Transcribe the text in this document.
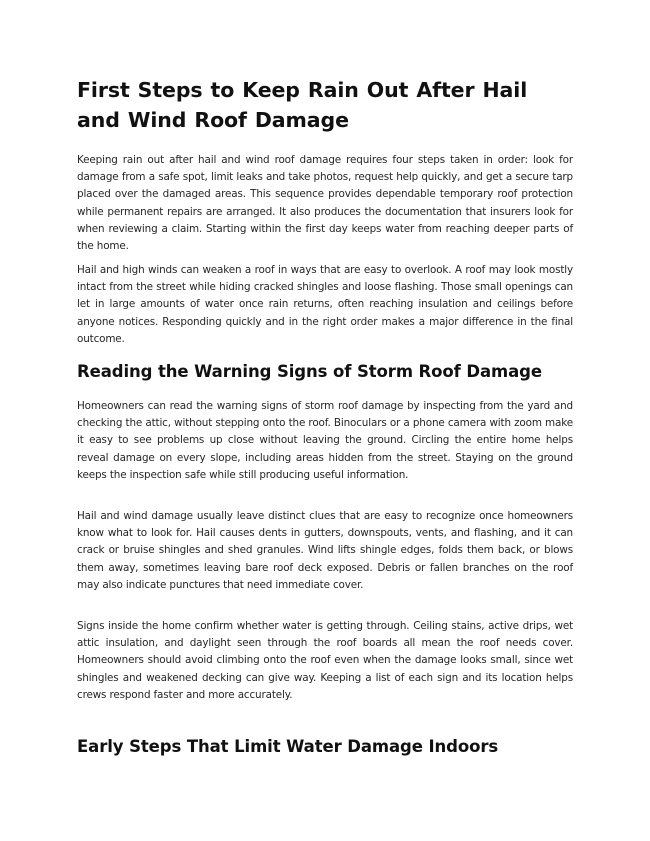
First Steps to Keep Rain Out After Hail and Wind Roof Damage

Keeping rain out after hail and wind roof damage requires four steps taken in order: look for damage from a safe spot, limit leaks and take photos, request help quickly, and get a secure tarp placed over the damaged areas. This sequence provides dependable temporary roof protection while permanent repairs are arranged. It also produces the documentation that insurers look for when reviewing a claim. Starting within the first day keeps water from reaching deeper parts of the home.

Hail and high winds can weaken a roof in ways that are easy to overlook. A roof may look mostly intact from the street while hiding cracked shingles and loose flashing. Those small openings can let in large amounts of water once rain returns, often reaching insulation and ceilings before anyone notices. Responding quickly and in the right order makes a major difference in the final outcome.

Reading the Warning Signs of Storm Roof Damage

Homeowners can read the warning signs of storm roof damage by inspecting from the yard and checking the attic, without stepping onto the roof. Binoculars or a phone camera with zoom make it easy to see problems up close without leaving the ground. Circling the entire home helps reveal damage on every slope, including areas hidden from the street. Staying on the ground keeps the inspection safe while still producing useful information.

Hail and wind damage usually leave distinct clues that are easy to recognize once homeowners know what to look for. Hail causes dents in gutters, downspouts, vents, and flashing, and it can crack or bruise shingles and shed granules. Wind lifts shingle edges, folds them back, or blows them away, sometimes leaving bare roof deck exposed. Debris or fallen branches on the roof may also indicate punctures that need immediate cover.

Signs inside the home confirm whether water is getting through. Ceiling stains, active drips, wet attic insulation, and daylight seen through the roof boards all mean the roof needs cover. Homeowners should avoid climbing onto the roof even when the damage looks small, since wet shingles and weakened decking can give way. Keeping a list of each sign and its location helps crews respond faster and more accurately.

Early Steps That Limit Water Damage Indoors
